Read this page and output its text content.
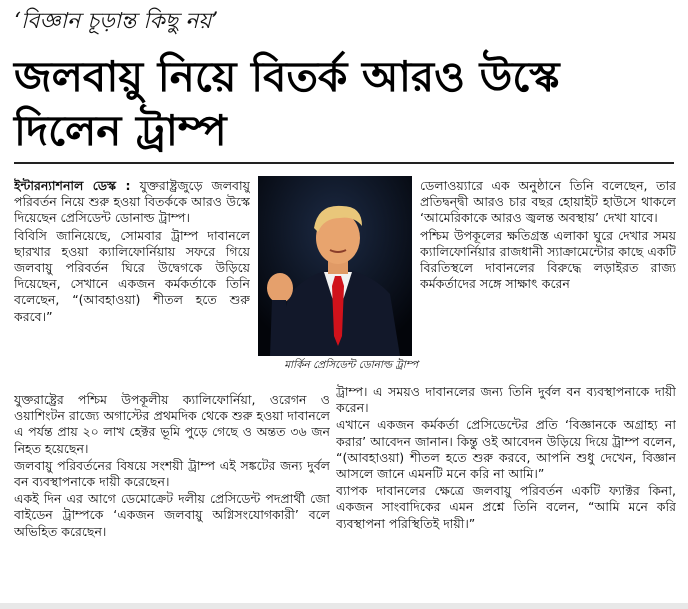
‘বিজ্ঞান চূড়ান্ত কিছু নয়’
জলবায়ু নিয়ে বিতর্ক আরও উস্কে দিলেন ট্রাম্প

ইন্টারন্যাশনাল ডেস্ক : যুক্তরাষ্ট্রজুড়ে জলবায়ু পরিবর্তন নিয়ে শুরু হওয়া বিতর্ককে আরও উস্কে দিয়েছেন প্রেসিডেন্ট ডোনাল্ড ট্রাম্প।

বিবিসি জানিয়েছে, সোমবার ট্রাম্প দাবানলে ছারখার হওয়া ক্যালিফোর্নিয়ায় সফরে গিয়ে জলবায়ু পরিবর্তন ঘিরে উদ্বেগকে উড়িয়ে দিয়েছেন, সেখানে একজন কর্মকর্তাকে তিনি বলেছেন, “(আবহাওয়া) শীতল হতে শুরু করবে।”

মার্কিন প্রেসিডেন্ট ডোনাল্ড ট্রাম্প

ডেলাওয়্যারে এক অনুষ্ঠানে তিনি বলেছেন, তার প্রতিদ্বন্দ্বী আরও চার বছর হোয়াইট হাউসে থাকলে ‘আমেরিকাকে আরও জ্বলন্ত অবস্থায়’ দেখা যাবে।

পশ্চিম উপকূলের ক্ষতিগ্রস্ত এলাকা ঘুরে দেখার সময় ক্যালিফোর্নিয়ার রাজধানী স্যাক্রামেন্টোর কাছে একটি বিরতিস্থলে দাবানলের বিরুদ্ধে লড়াইরত রাজ্য কর্মকর্তাদের সঙ্গে সাক্ষাৎ করেন

যুক্তরাষ্ট্রের পশ্চিম উপকূলীয় ক্যালিফোর্নিয়া, ওরেগন ও ওয়াশিংটন রাজ্যে অগাস্টের প্রথমদিক থেকে শুরু হওয়া দাবানলে এ পর্যন্ত প্রায় ২০ লাখ হেক্টর ভূমি পুড়ে গেছে ও অন্তত ৩৬ জন নিহত হয়েছেন।

জলবায়ু পরিবর্তনের বিষয়ে সংশয়ী ট্রাম্প এই সঙ্কটের জন্য দুর্বল বন ব্যবস্থাপনাকে দায়ী করেছেন।

একই দিন এর আগে ডেমোক্রেট দলীয় প্রেসিডেন্ট পদপ্রার্থী জো বাইডেন ট্রাম্পকে ‘একজন জলবায়ু অগ্নিসংযোগকারী’ বলে অভিহিত করেছেন।

ট্রাম্প। এ সময়ও দাবানলের জন্য তিনি দুর্বল বন ব্যবস্থাপনাকে দায়ী করেন।

এখানে একজন কর্মকর্তা প্রেসিডেন্টের প্রতি ‘বিজ্ঞানকে অগ্রাহ্য না করার’ আবেদন জানান। কিন্তু ওই আবেদন উড়িয়ে দিয়ে ট্রাম্প বলেন, “(আবহাওয়া) শীতল হতে শুরু করবে, আপনি শুধু দেখেন, বিজ্ঞান আসলে জানে এমনটি মনে করি না আমি।”

ব্যাপক দাবানলের ক্ষেত্রে জলবায়ু পরিবর্তন একটি ফ্যাক্টর কিনা, একজন সাংবাদিকের এমন প্রশ্নে তিনি বলেন, “আমি মনে করি ব্যবস্থাপনা পরিস্থিতিই দায়ী।”
